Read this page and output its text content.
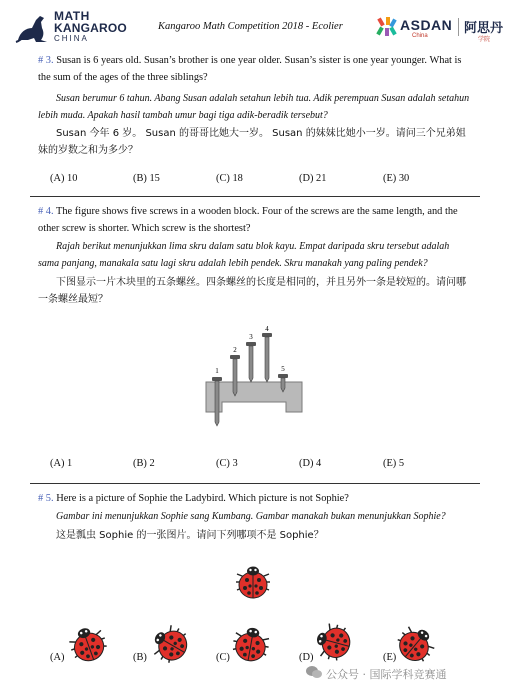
MATH
KANGAROO
CHINA
Kangaroo Math Competition 2018 - Ecolier	ASDAN
China	阿思丹
学院
# 3. Susan is 6 years old. Susan’s brother is one year older. Susan’s sister is one year younger. What is the sum of the ages of the three siblings?
Susan berumur 6 tahun. Abang Susan adalah setahun lebih tua. Adik perempuan Susan adalah setahun lebih muda. Apakah hasil tambah umur bagi tiga adik-beradik tersebut?
Susan 今年 6 岁。 Susan 的哥哥比她大一岁。 Susan 的妹妹比她小一岁。请问三个兄弟姐妹的岁数之和为多少？
(A) 10	(B) 15	(C) 18	(D) 21	(E) 30
# 4. The figure shows five screws in a wooden block. Four of the screws are the same length, and the other screw is shorter. Which screw is the shortest?
Rajah berikut menunjukkan lima skru dalam satu blok kayu. Empat daripada skru tersebut adalah sama panjang, manakala satu lagi skru adalah lebih pendek. Skru manakah yang paling pendek?
下图显示一片木块里的五条螺丝。四条螺丝的长度是相同的，并且另外一条是较短的。请问哪一条螺丝最短？
1
2
3
4
5
(A) 1	(B) 2	(C) 3	(D) 4	(E) 5
# 5. Here is a picture of Sophie the Ladybird. Which picture is not Sophie?
Gambar ini menunjukkan Sophie sang Kumbang. Gambar manakah bukan menunjukkan Sophie?
这是瓢虫 Sophie 的一张图片。请问下列哪项不是 Sophie？
(A)	(B)	(C)	(D)	(E)
公众号 · 国际学科竞赛通
